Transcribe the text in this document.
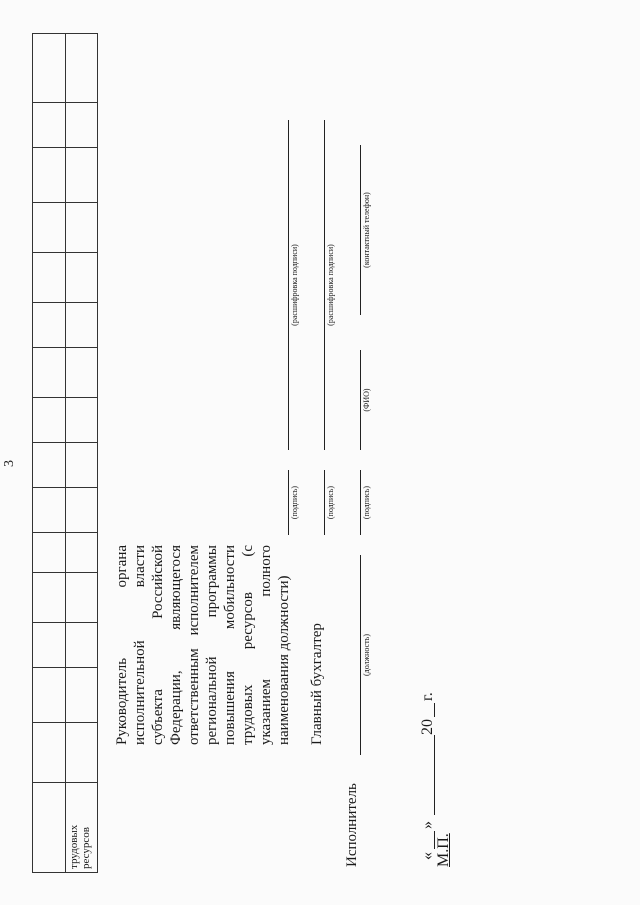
3
трудовых ресурсов
Руководитель органа исполнительной власти субъекта Российской Федерации, являющегося ответственным исполнителем региональной программы повышения мобильности трудовых ресурсов (с указанием полного наименования должности)
(подпись)
(расшифровка подписи)
Главный бухгалтер
(подпись)
(расшифровка подписи)
Исполнитель
(должность)
(подпись)
(ФИО)
(контактный телефон)
«
»
20
г.
М.П.
